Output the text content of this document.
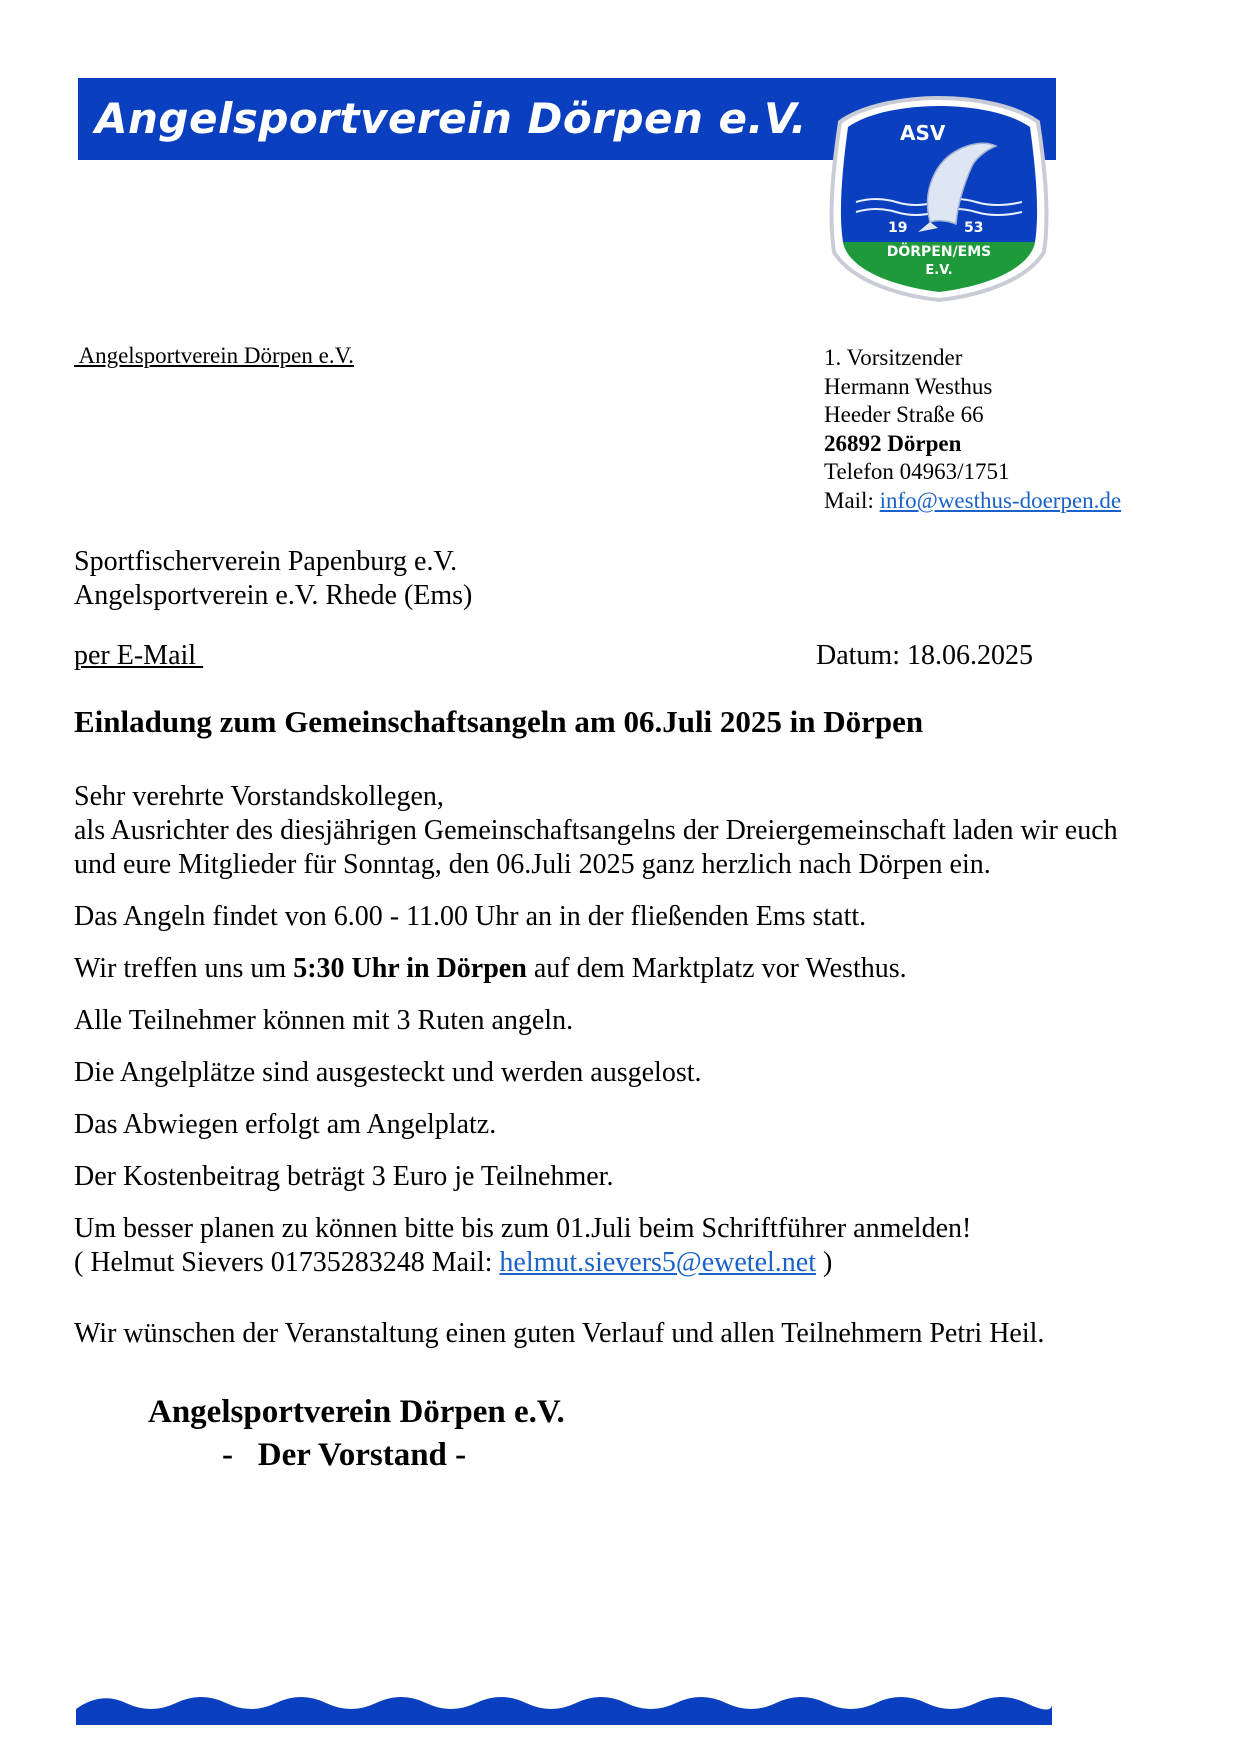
Angelsportverein Dörpen e.V.	ASV
19	53
DÖRPEN/EMS
E.V.
Angelsportverein Dörpen e.V.	1. Vorsitzender
Hermann Westhus
Heeder Straße 66
26892 Dörpen
Telefon 04963/1751
Mail: info@westhus-doerpen.de
Sportfischerverein Papenburg e.V.
Angelsportverein e.V. Rhede (Ems)
per E-Mail	Datum: 18.06.2025
Einladung zum Gemeinschaftsangeln am 06.Juli 2025 in Dörpen
Sehr verehrte Vorstandskollegen,
als Ausrichter des diesjährigen Gemeinschaftsangelns der Dreiergemeinschaft laden wir euch
und eure Mitglieder für Sonntag, den 06.Juli 2025 ganz herzlich nach Dörpen ein.
Das Angeln findet von 6.00 - 11.00 Uhr an in der fließenden Ems statt.
Wir treffen uns um 5:30 Uhr in Dörpen auf dem Marktplatz vor Westhus.
Alle Teilnehmer können mit 3 Ruten angeln.
Die Angelplätze sind ausgesteckt und werden ausgelost.
Das Abwiegen erfolgt am Angelplatz.
Der Kostenbeitrag beträgt 3 Euro je Teilnehmer.
Um besser planen zu können bitte bis zum 01.Juli beim Schriftführer anmelden!
( Helmut Sievers 01735283248 Mail: helmut.sievers5@ewetel.net )
Wir wünschen der Veranstaltung einen guten Verlauf und allen Teilnehmern Petri Heil.
Angelsportverein Dörpen e.V.
-   Der Vorstand -
